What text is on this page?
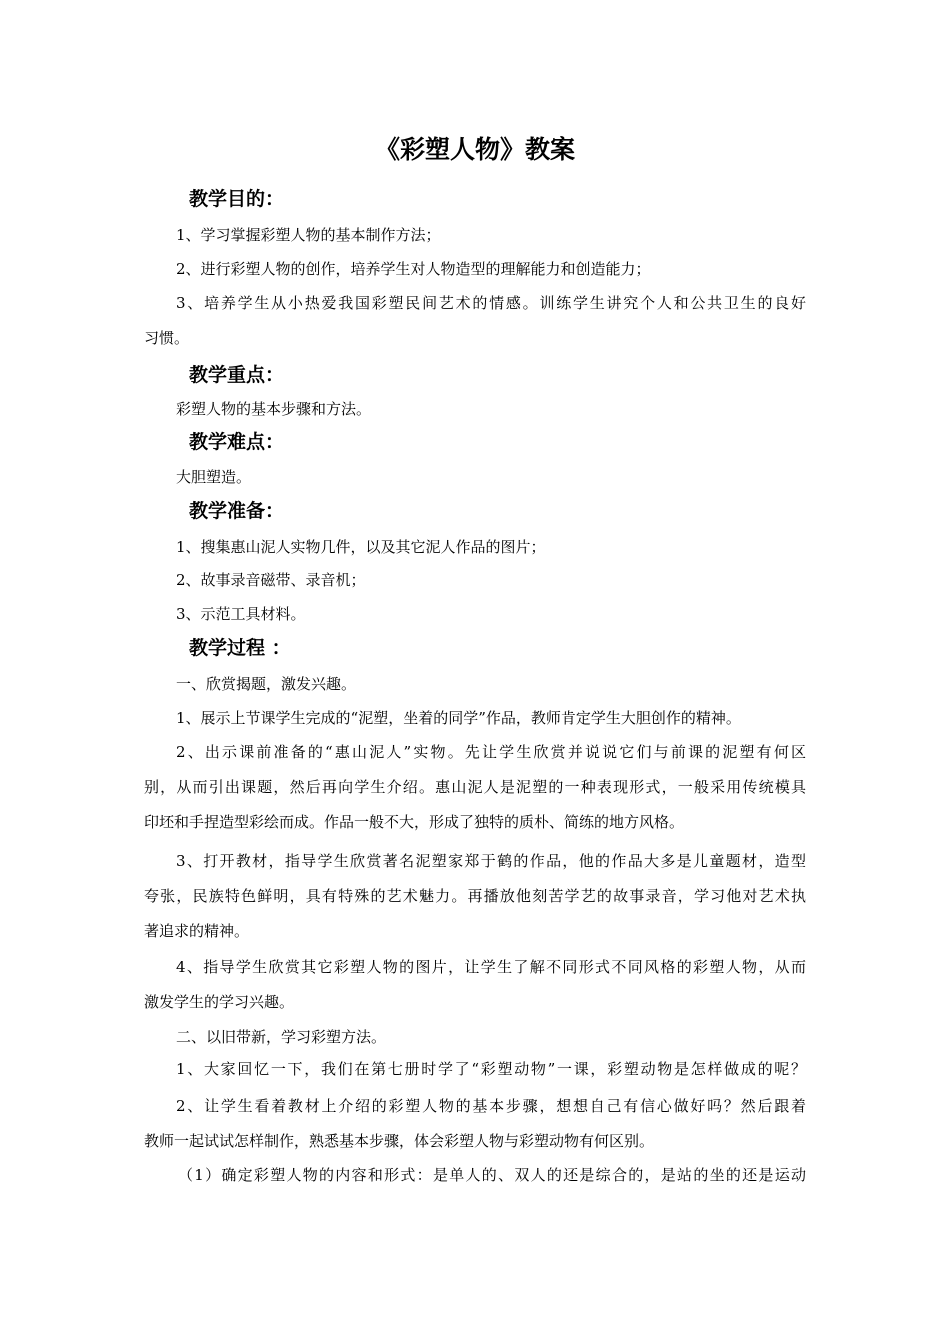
《彩塑人物》教案
教学目的：
1、学习掌握彩塑人物的基本制作方法；
2、进行彩塑人物的创作，培养学生对人物造型的理解能力和创造能力；
3、培养学生从小热爱我国彩塑民间艺术的情感。训练学生讲究个人和公共卫生的良好
习惯。
教学重点：
彩塑人物的基本步骤和方法。
教学难点：
大胆塑造。
教学准备：
1、搜集惠山泥人实物几件，以及其它泥人作品的图片；
2、故事录音磁带、录音机；
3、示范工具材料。
教学过程 ：
一、欣赏揭题，激发兴趣。
1、展示上节课学生完成的“泥塑，坐着的同学”作品，教师肯定学生大胆创作的精神。
2、出示课前准备的“惠山泥人”实物。先让学生欣赏并说说它们与前课的泥塑有何区
别，从而引出课题，然后再向学生介绍。惠山泥人是泥塑的一种表现形式，一般采用传统模具
印坯和手捏造型彩绘而成。作品一般不大，形成了独特的质朴、简练的地方风格。
3、打开教材，指导学生欣赏著名泥塑家郑于鹤的作品，他的作品大多是儿童题材，造型
夸张，民族特色鲜明，具有特殊的艺术魅力。再播放他刻苦学艺的故事录音，学习他对艺术执
著追求的精神。
4、指导学生欣赏其它彩塑人物的图片，让学生了解不同形式不同风格的彩塑人物，从而
激发学生的学习兴趣。
二、以旧带新，学习彩塑方法。
1、大家回忆一下，我们在第七册时学了“彩塑动物”一课，彩塑动物是怎样做成的呢？
2、让学生看着教材上介绍的彩塑人物的基本步骤，想想自己有信心做好吗？然后跟着
教师一起试试怎样制作，熟悉基本步骤，体会彩塑人物与彩塑动物有何区别。
（1）确定彩塑人物的内容和形式：是单人的、双人的还是综合的，是站的坐的还是运动
